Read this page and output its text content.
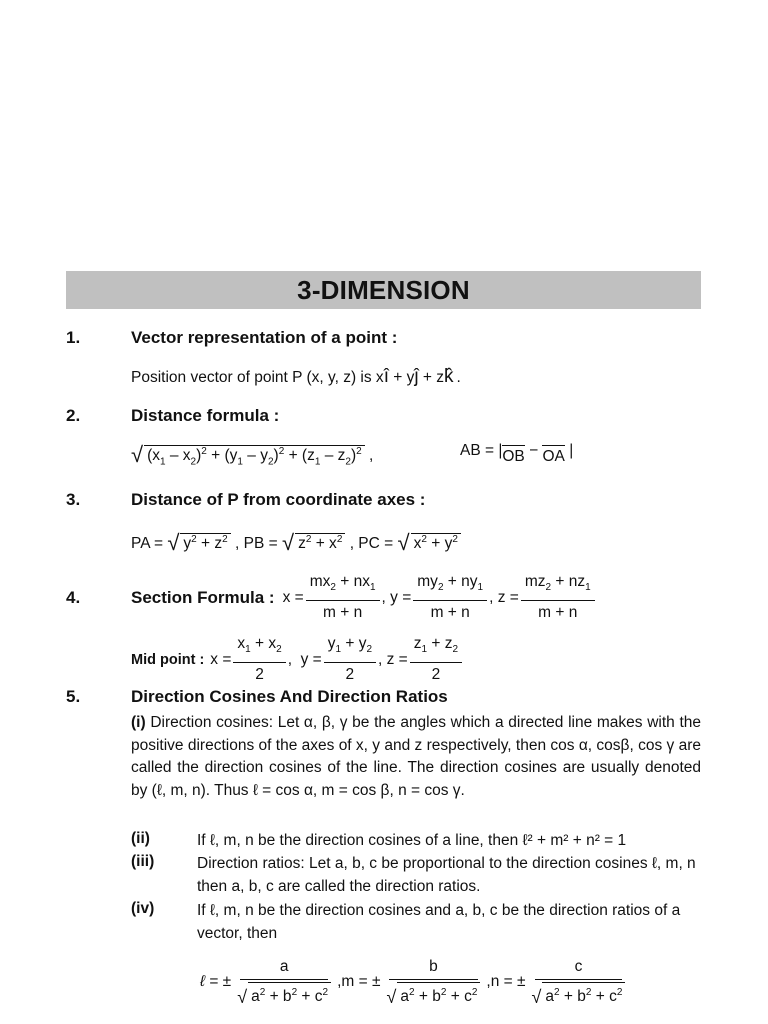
3-DIMENSION
1.	Vector representation of a point :
Position vector of point P (x, y, z) is xî + yĵ + zk̂ .
2.	Distance formula :
√ $(x_1 - x_2)^2 + (y_1 - y_2)^2 + (z_1 - z_2)^2$ ,	AB = |OB − OA |
3.	Distance of P from coordinate axes :
PA = √ $y^2 + z^2$ , PB = √ $z^2 + x^2$ , PC = √ $x^2 + y^2$
4.	Section Formula : $x = \frac{mx_2 + nx_1}{m + n}$ , $y = \frac{my_2 + ny_1}{m + n}$ , $z = \frac{mz_2 + nz_1}{m + n}$
Mid point : $x = \frac{x_1 + x_2}{2}$ ,  $y = \frac{y_1 + y_2}{2}$ , $z = \frac{z_1 + z_2}{2}$
5.	Direction Cosines And Direction Ratios
(i) Direction cosines: Let α, β, γ be the angles which a directed line makes with the positive directions of the axes of x, y and z respectively, then cos α, cosβ, cos γ are called the direction cosines of the line. The direction cosines are usually denoted by (ℓ, m, n). Thus ℓ = cos α, m = cos β, n = cos γ.
(ii)	If ℓ, m, n be the direction cosines of a line, then ℓ² + m² + n² = 1
(iii)	Direction ratios: Let a, b, c be proportional to the direction cosines ℓ, m, n then a, b, c are called the direction ratios.
(iv)	If ℓ, m, n be the direction cosines and a, b, c be the direction ratios of a vector, then
ℓ = ± $\frac{a}{√ a^2 + b^2 + c^2} ,m$ = ± $\frac{b}{√ a^2 + b^2 + c^2} ,n$ = ± $\frac{c}{√ a^2 + b^2 + c^2}$
